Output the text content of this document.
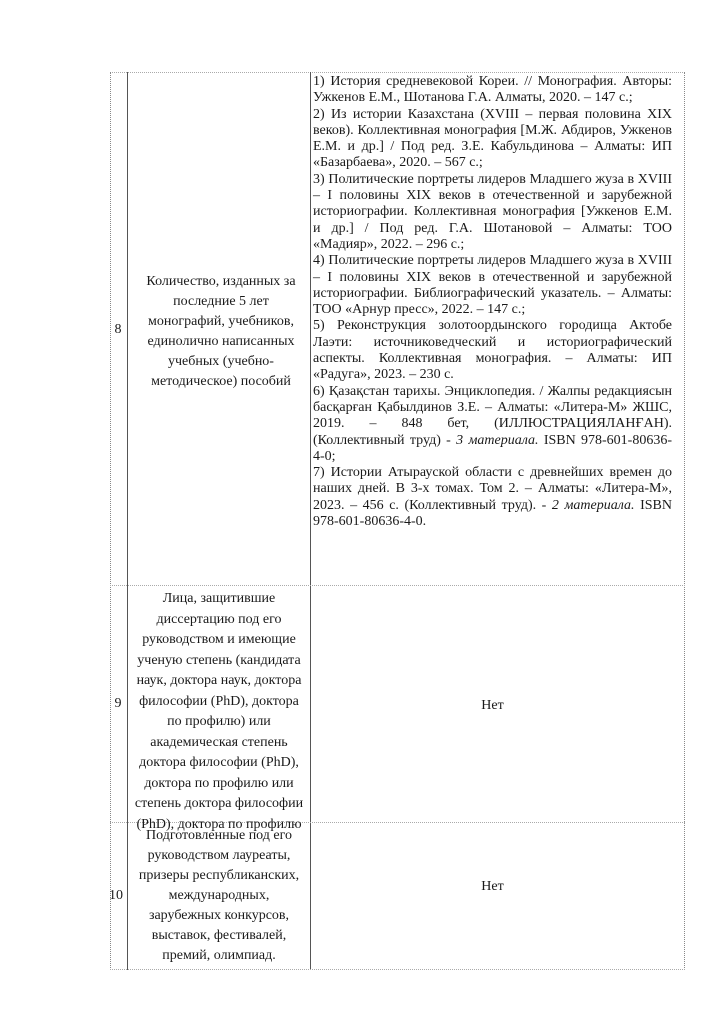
8
Количество, изданных за последние 5 лет монографий, учебников, единолично написанных учебных (учебно-методическое) пособий

1) История средневековой Кореи. // Монография. Авторы: Ужкенов Е.М., Шотанова Г.А. Алматы, 2020. – 147 с.;

2) Из истории Казахстана (XVIII – первая половина XIX веков). Коллективная монография [М.Ж. Абдиров, Ужкенов Е.М. и др.] / Под ред. З.Е. Кабульдинова – Алматы: ИП «Базарбаева», 2020. – 567 с.;

3) Политические портреты лидеров Младшего жуза в XVIII – I половины XIX веков в отечественной и зарубежной историографии. Коллективная монография [Ужкенов Е.М. и др.] / Под ред. Г.А. Шотановой – Алматы: ТОО «Мадияр», 2022. – 296 с.;

4) Политические портреты лидеров Младшего жуза в XVIII – I половины XIX веков в отечественной и зарубежной историографии. Библиографический указатель. – Алматы: ТОО «Арнур пресс», 2022. – 147 с.;

5) Реконструкция золотоордынского городища Актобе Лаэти: источниковедческий и историографический аспекты. Коллективная монография. – Алматы: ИП «Радуга», 2023. – 230 с.

6) Қазақстан тарихы. Энциклопедия. / Жалпы редакциясын басқарған Қабылдинов З.Е. – Алматы: «Литера-М» ЖШС, 2019. – 848 бет, (ИЛЛЮСТРАЦИЯЛАНҒАН). (Коллективный труд) - 3 материала. ISBN 978-601-80636-4-0;

7) Истории Атырауской области с древнейших времен до наших дней. В 3-х томах. Том 2. – Алматы: «Литера-М», 2023. – 456 с. (Коллективный труд). - 2 материала. ISBN 978-601-80636-4-0.

9
Лица, защитившие диссертацию под его руководством и имеющие ученую степень (кандидата наук, доктора наук, доктора философии (PhD), доктора по профилю) или академическая степень доктора философии (PhD), доктора по профилю или степень доктора философии (PhD), доктора по профилю
Нет
10
Подготовленные под его руководством лауреаты, призеры республиканских, международных, зарубежных конкурсов, выставок, фестивалей, премий, олимпиад.
Нет
